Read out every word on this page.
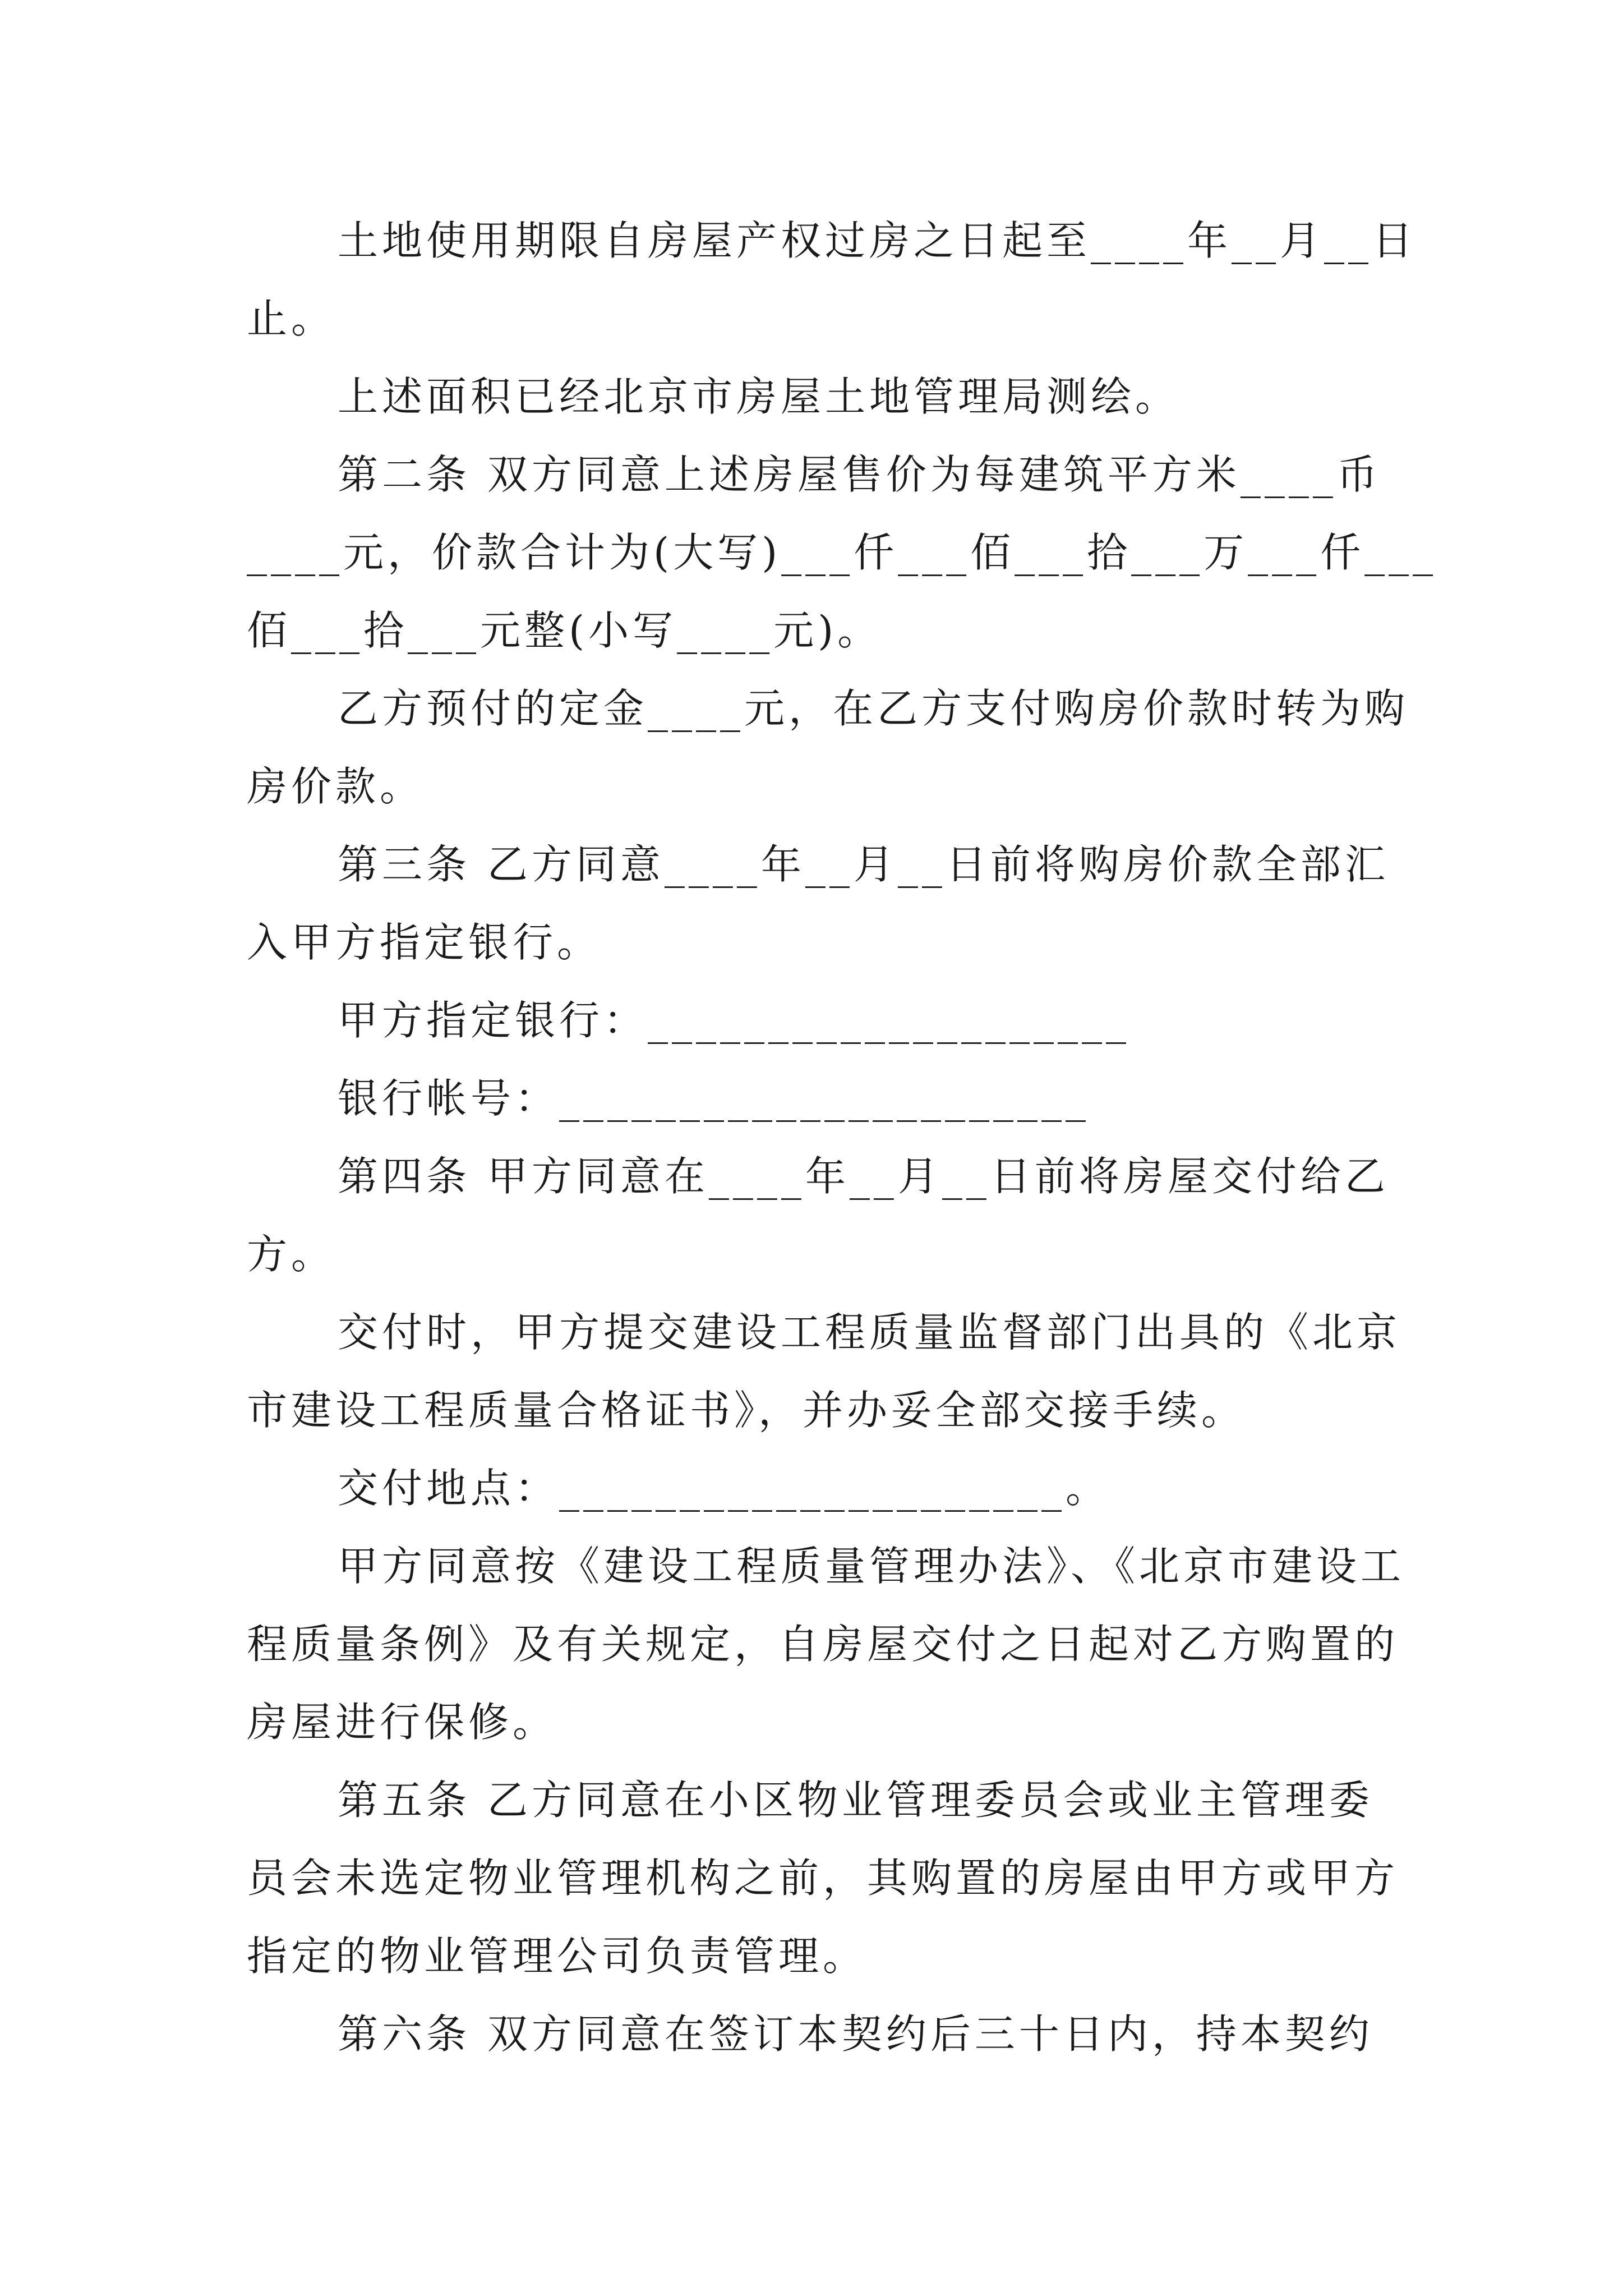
土地使用期限自房屋产权过房之日起至____年__月__日
止。
上述面积已经北京市房屋土地管理局测绘。
第二条 双方同意上述房屋售价为每建筑平方米____币
____元，价款合计为(大写)___仟___佰___拾___万___仟___
佰___拾___元整(小写____元)。
乙方预付的定金____元，在乙方支付购房价款时转为购
房价款。
第三条 乙方同意____年__月__日前将购房价款全部汇
入甲方指定银行。
甲方指定银行：____________________
银行帐号：______________________
第四条 甲方同意在____年__月__日前将房屋交付给乙
方。
交付时，甲方提交建设工程质量监督部门出具的《北京
市建设工程质量合格证书》，并办妥全部交接手续。
交付地点：_____________________。
甲方同意按《建设工程质量管理办法》、《北京市建设工
程质量条例》及有关规定，自房屋交付之日起对乙方购置的
房屋进行保修。
第五条 乙方同意在小区物业管理委员会或业主管理委
员会未选定物业管理机构之前，其购置的房屋由甲方或甲方
指定的物业管理公司负责管理。
第六条 双方同意在签订本契约后三十日内，持本契约
